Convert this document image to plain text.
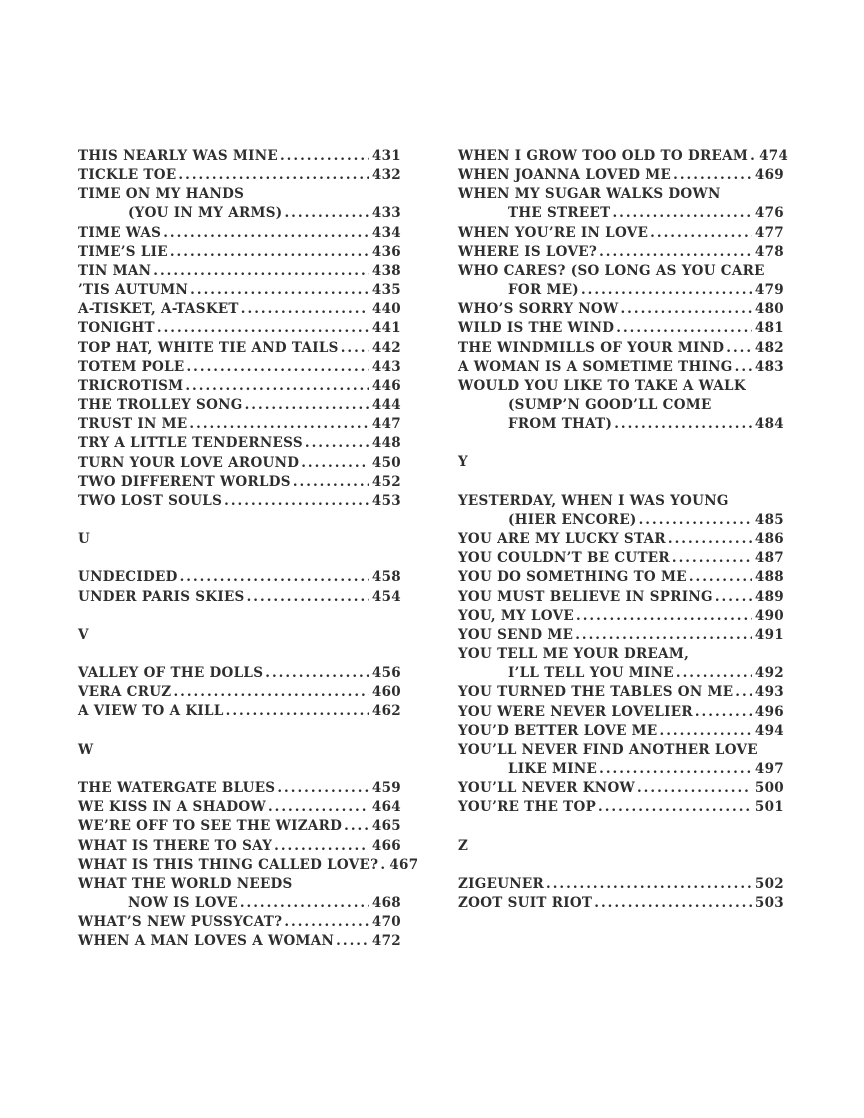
THIS NEARLY WAS MINE .....	431
TICKLE TOE .....	432
TIME ON MY HANDS
(YOU IN MY ARMS) .....	433
TIME WAS .....	434
TIME’S LIE .....	436
TIN MAN .....	438
’TIS AUTUMN .....	435
A-TISKET, A-TASKET .....	440
TONIGHT .....	441
TOP HAT, WHITE TIE AND TAILS ..... 442
TOTEM POLE .....	443
TRICROTISM .....	446
THE TROLLEY SONG .....	444
TRUST IN ME .....	447
TRY A LITTLE TENDERNESS .....	448
TURN YOUR LOVE AROUND .....	450
TWO DIFFERENT WORLDS .....	452
TWO LOST SOULS .....	453
U
UNDECIDED .....	458
UNDER PARIS SKIES .....	454
V
VALLEY OF THE DOLLS .....	456
VERA CRUZ .....	460
A VIEW TO A KILL .....	462
W
THE WATERGATE BLUES .....	459
WE KISS IN A SHADOW .....	464
WE’RE OFF TO SEE THE WIZARD ..... 465
WHAT IS THERE TO SAY .....	466
WHAT IS THIS THING CALLED LOVE? ..... 467
WHAT THE WORLD NEEDS
NOW IS LOVE .....	468
WHAT’S NEW PUSSYCAT? .....	470
WHEN A MAN LOVES A WOMAN .....	472
WHEN I GROW TOO OLD TO DREAM ..... 474
WHEN JOANNA LOVED ME .....	469
WHEN MY SUGAR WALKS DOWN
THE STREET .....	476
WHEN YOU’RE IN LOVE .....	477
WHERE IS LOVE? .....	478
WHO CARES? (SO LONG AS YOU CARE
FOR ME) .....	479
WHO’S SORRY NOW .....	480
WILD IS THE WIND .....	481
THE WINDMILLS OF YOUR MIND ..... 482
A WOMAN IS A SOMETIME THING ..... 483
WOULD YOU LIKE TO TAKE A WALK
(SUMP’N GOOD’LL COME
FROM THAT) .....	484
Y
YESTERDAY, WHEN I WAS YOUNG
(HIER ENCORE) .....	485
YOU ARE MY LUCKY STAR .....	486
YOU COULDN’T BE CUTER .....	487
YOU DO SOMETHING TO ME .....	488
YOU MUST BELIEVE IN SPRING .....	489
YOU, MY LOVE .....	490
YOU SEND ME .....	491
YOU TELL ME YOUR DREAM,
I’LL TELL YOU MINE .....	492
YOU TURNED THE TABLES ON ME ..... 493
YOU WERE NEVER LOVELIER .....	496
YOU’D BETTER LOVE ME .....	494
YOU’LL NEVER FIND ANOTHER LOVE
LIKE MINE .....	497
YOU’LL NEVER KNOW .....	500
YOU’RE THE TOP .....	501
Z
ZIGEUNER .....	502
ZOOT SUIT RIOT .....	503
